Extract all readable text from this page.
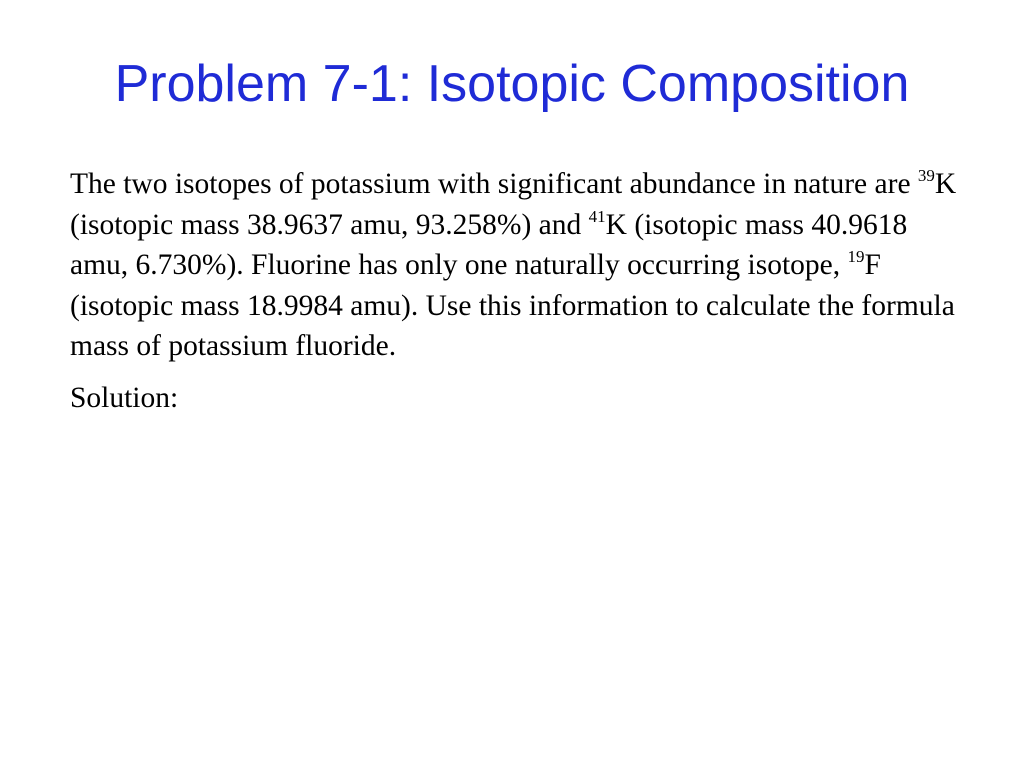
Problem 7-1: Isotopic Composition

The two isotopes of potassium with significant abundance in nature are $^{39}$K (isotopic mass 38.9637 amu, 93.258%) and $^{41}$K (isotopic mass 40.9618 amu, 6.730%). Fluorine has only one naturally occurring isotope, $^{19}$F (isotopic mass 18.9984 amu). Use this information to calculate the formula mass of potassium fluoride.

Solution:
